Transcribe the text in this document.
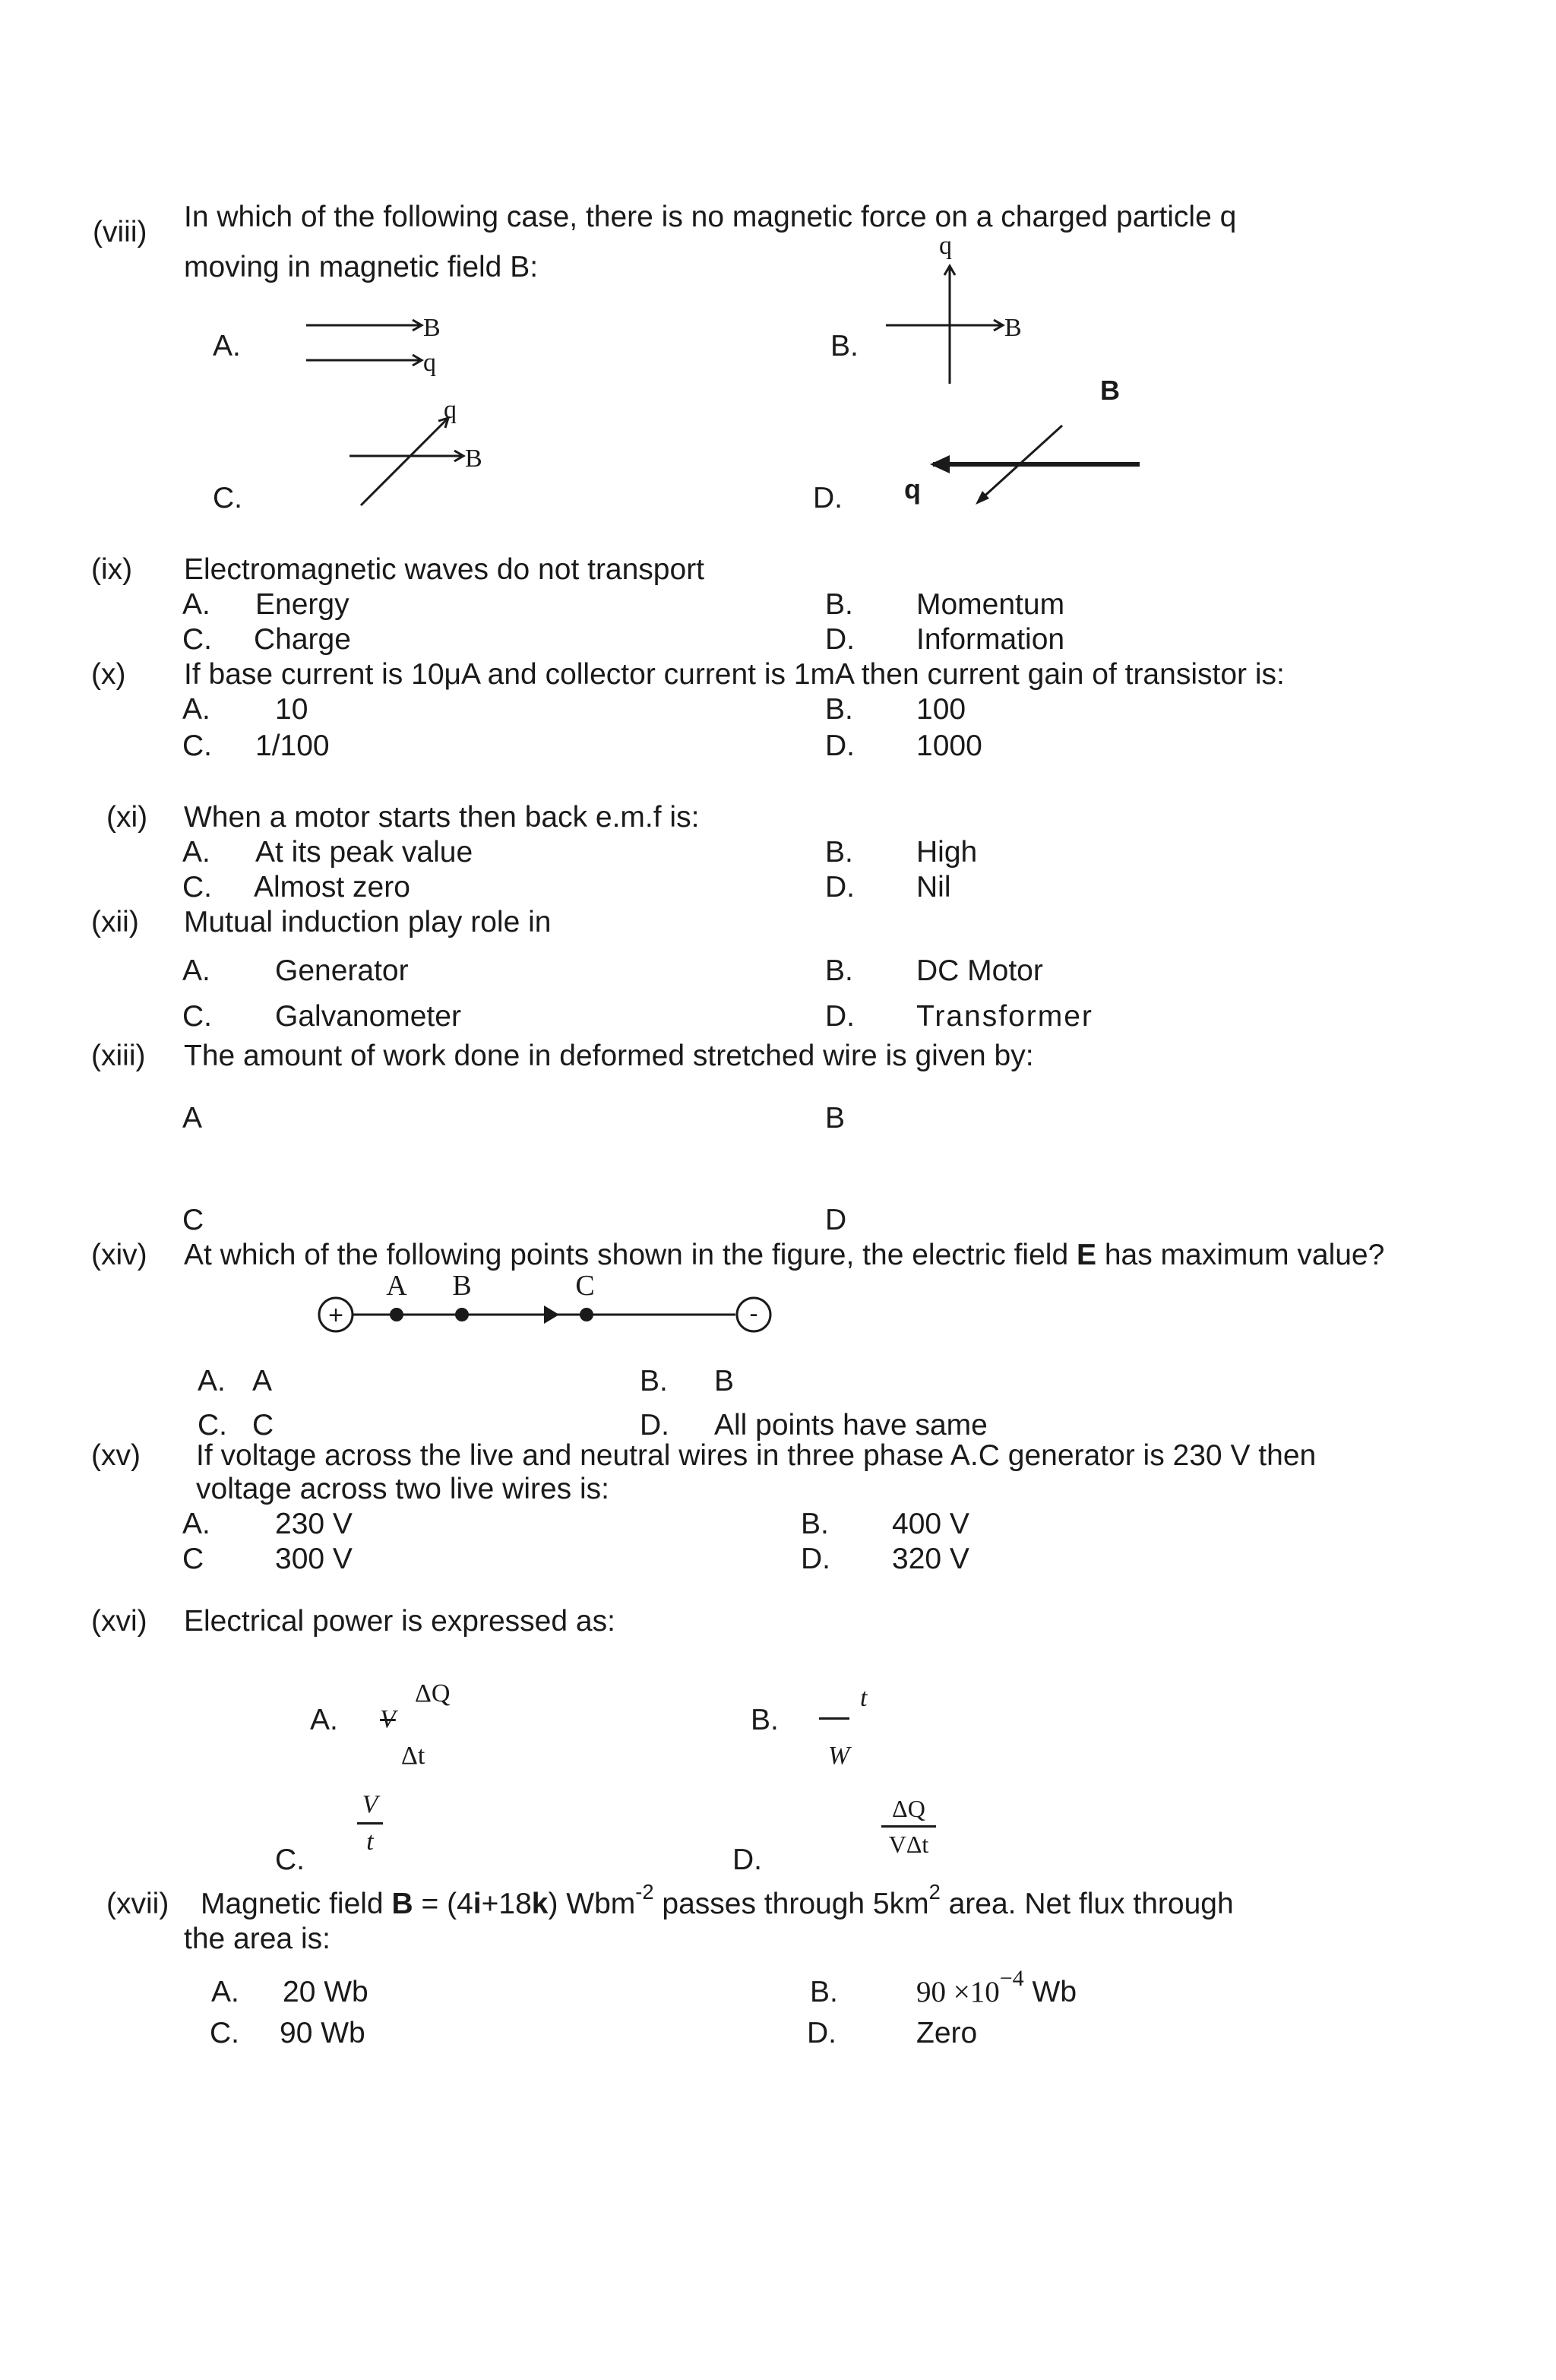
(viii) In which of the following case, there is no magnetic force on a charged particle q
moving in magnetic field B:
A.
B
q
B.
q
B
C.
q
B
D.
B
q
(ix) Electromagnetic waves do not transport
A. Energy	B. Momentum
C. Charge	D. Information
(x) If base current is 10μA and collector current is 1mA then current gain of transistor is:
A. 10	B. 100
C. 1/100	D. 1000
(xi) When a motor starts then back e.m.f is:
A. At its peak value	B. High
C. Almost zero	D. Nil
(xii) Mutual induction play role in
A. Generator	B. DC Motor
C. Galvanometer	D. Transformer
(xiii) The amount of work done in deformed stretched wire is given by:
A	B
C	D
(xiv) At which of the following points shown in the figure, the electric field E has maximum value?
+	-
A B	C
A. A	B. B
C. C	D. All points have same
(xv) If voltage across the live and neutral wires in three phase A.C generator is 230 V then
voltage across two live wires is:
A. 230 V	B. 400 V
C 300 V	D. 320 V
(xvi) Electrical power is expressed as:
A. V
ΔQ
Δt
B.
t
W
C.
V
t
D.
ΔQ
VΔt
(xvii) Magnetic field B = (4i+18k) Wbm$^{-2}$ passes through $5km^2$ area. Net flux through
the area is:
A. 20 Wb	B.	$90 \times 10^{-4}$ Wb
C. 90 Wb	D.	Zero
